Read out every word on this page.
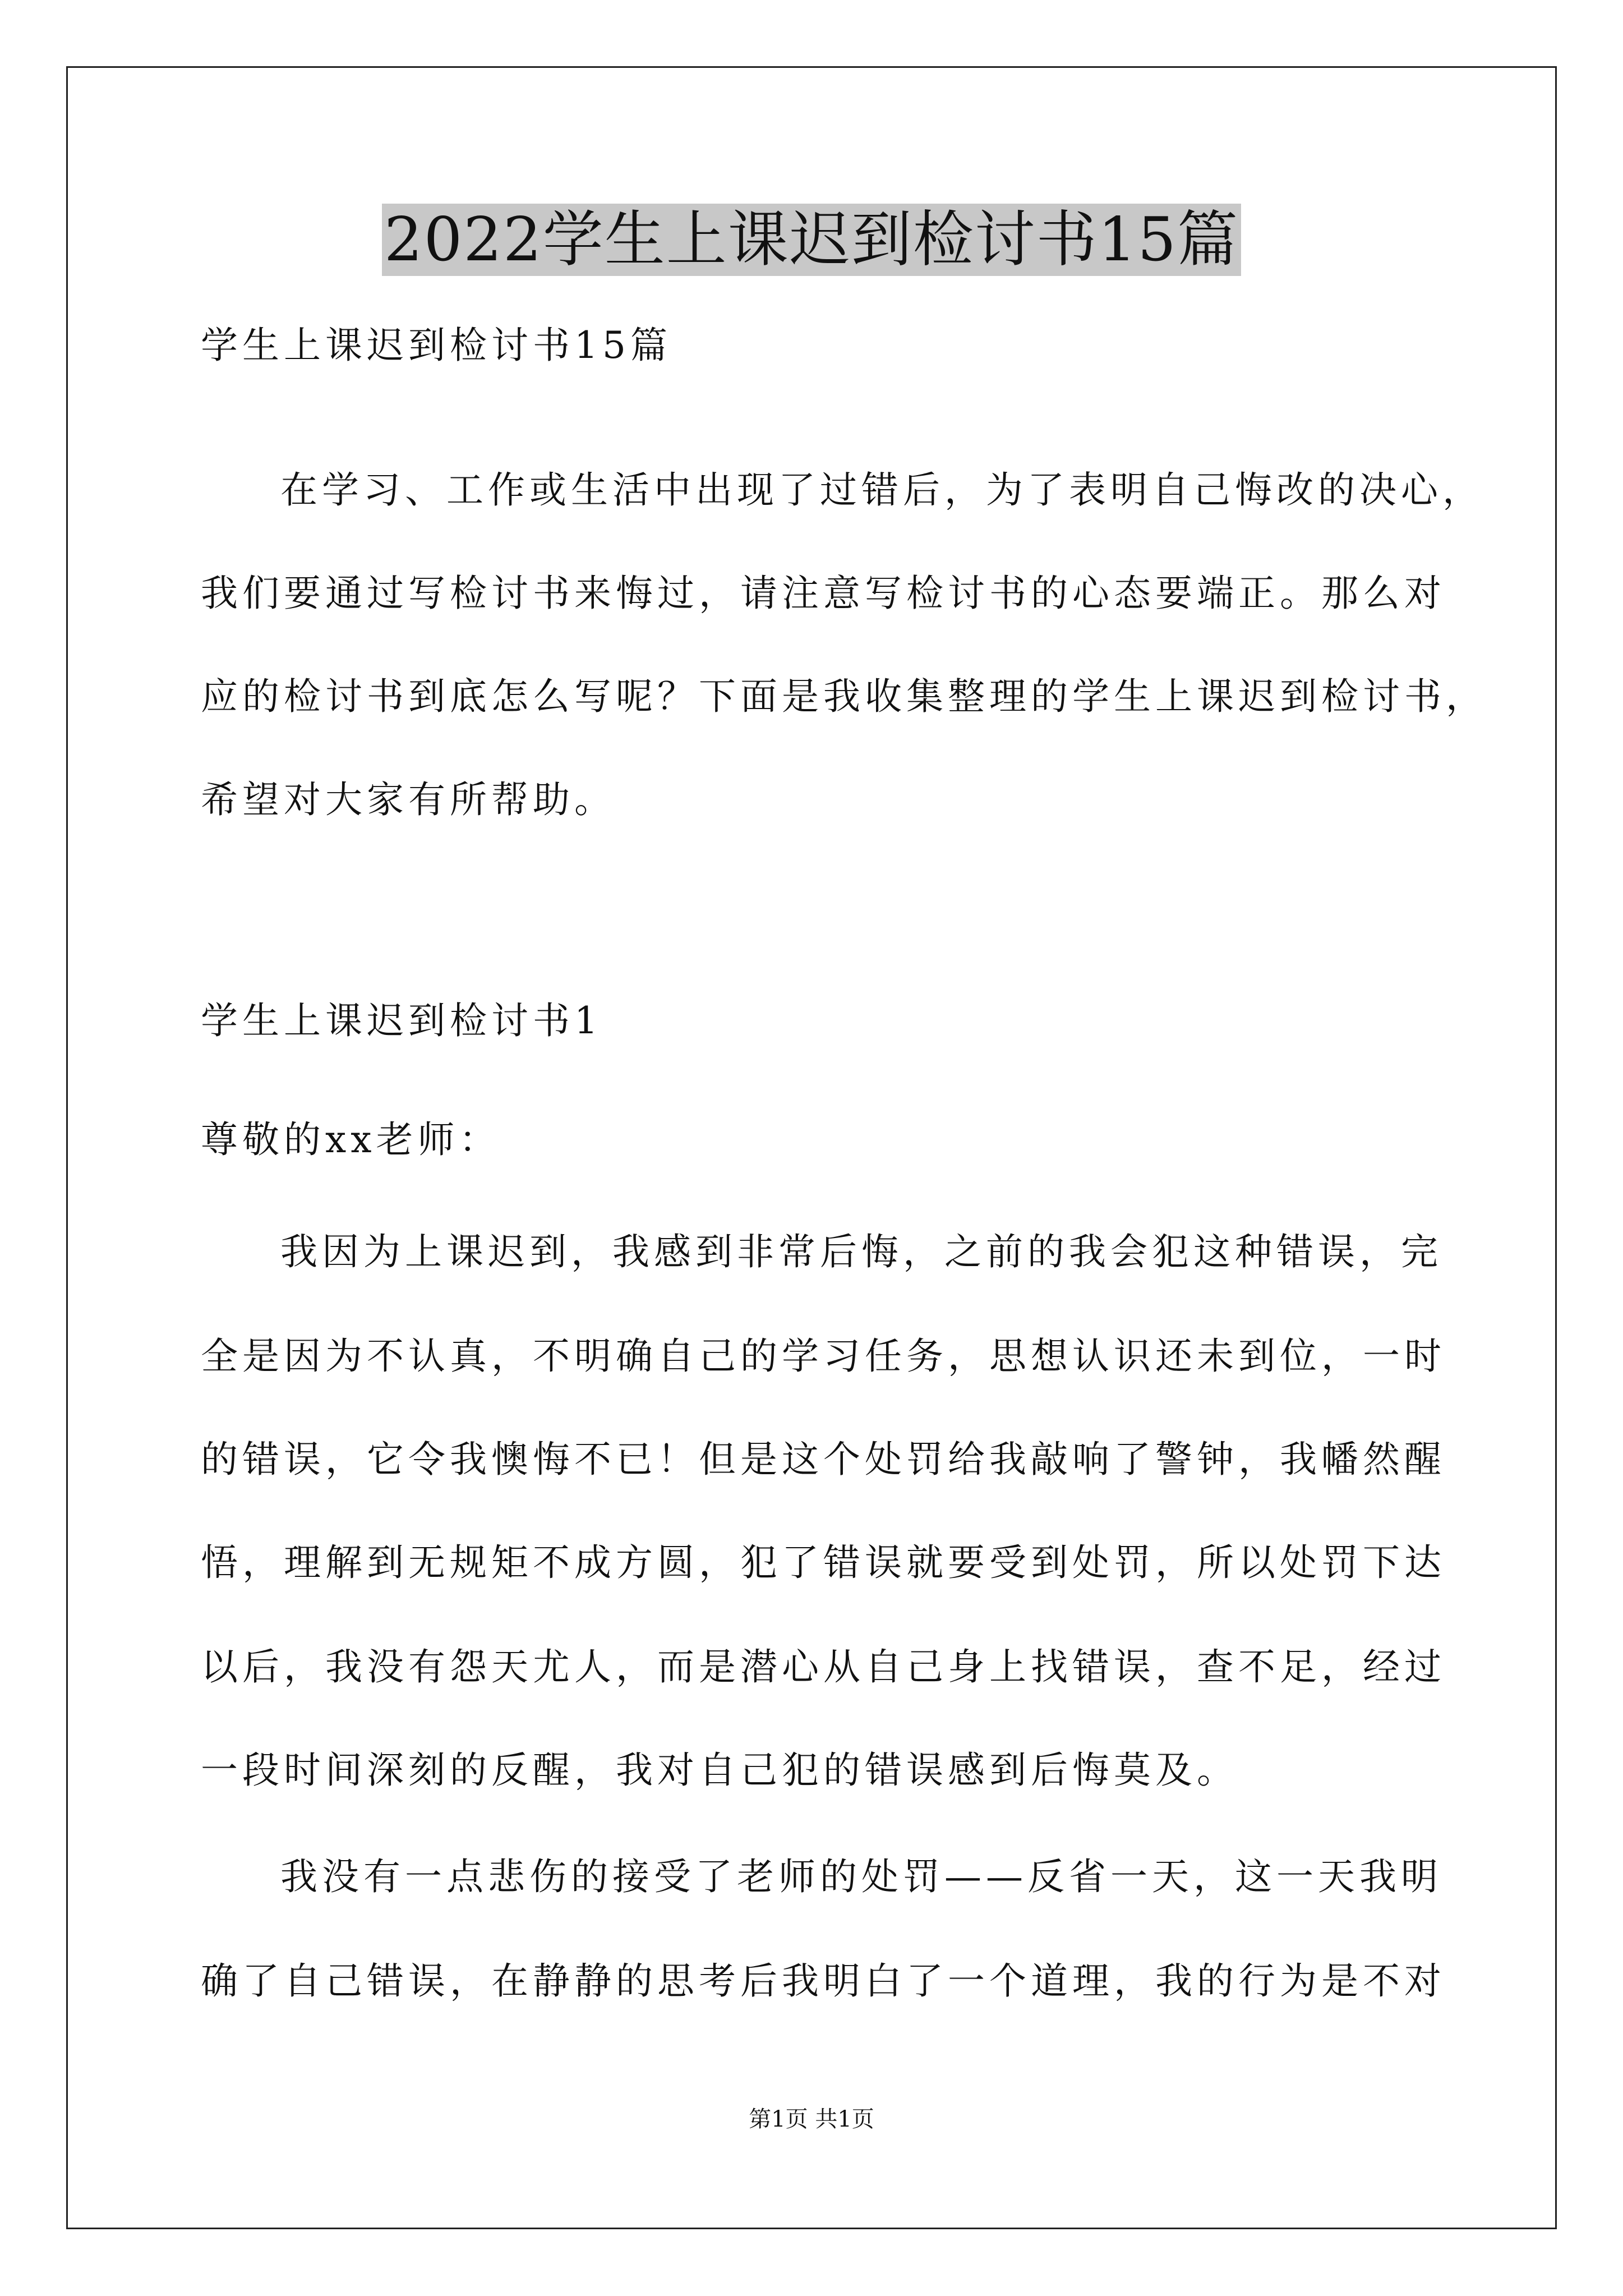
2022学生上课迟到检讨书15篇
学生上课迟到检讨书15篇
在学习、工作或生活中出现了过错后，为了表明自己悔改的决心，
我们要通过写检讨书来悔过，请注意写检讨书的心态要端正。那么对
应的检讨书到底怎么写呢？下面是我收集整理的学生上课迟到检讨书，
希望对大家有所帮助。
学生上课迟到检讨书1
尊敬的xx老师：
我因为上课迟到，我感到非常后悔，之前的我会犯这种错误，完
全是因为不认真，不明确自己的学习任务，思想认识还未到位，一时
的错误，它令我懊悔不已！但是这个处罚给我敲响了警钟，我幡然醒
悟，理解到无规矩不成方圆，犯了错误就要受到处罚，所以处罚下达
以后，我没有怨天尤人，而是潜心从自己身上找错误，查不足，经过
一段时间深刻的反醒，我对自己犯的错误感到后悔莫及。
我没有一点悲伤的接受了老师的处罚——反省一天，这一天我明
确了自己错误，在静静的思考后我明白了一个道理，我的行为是不对
第1页 共1页
